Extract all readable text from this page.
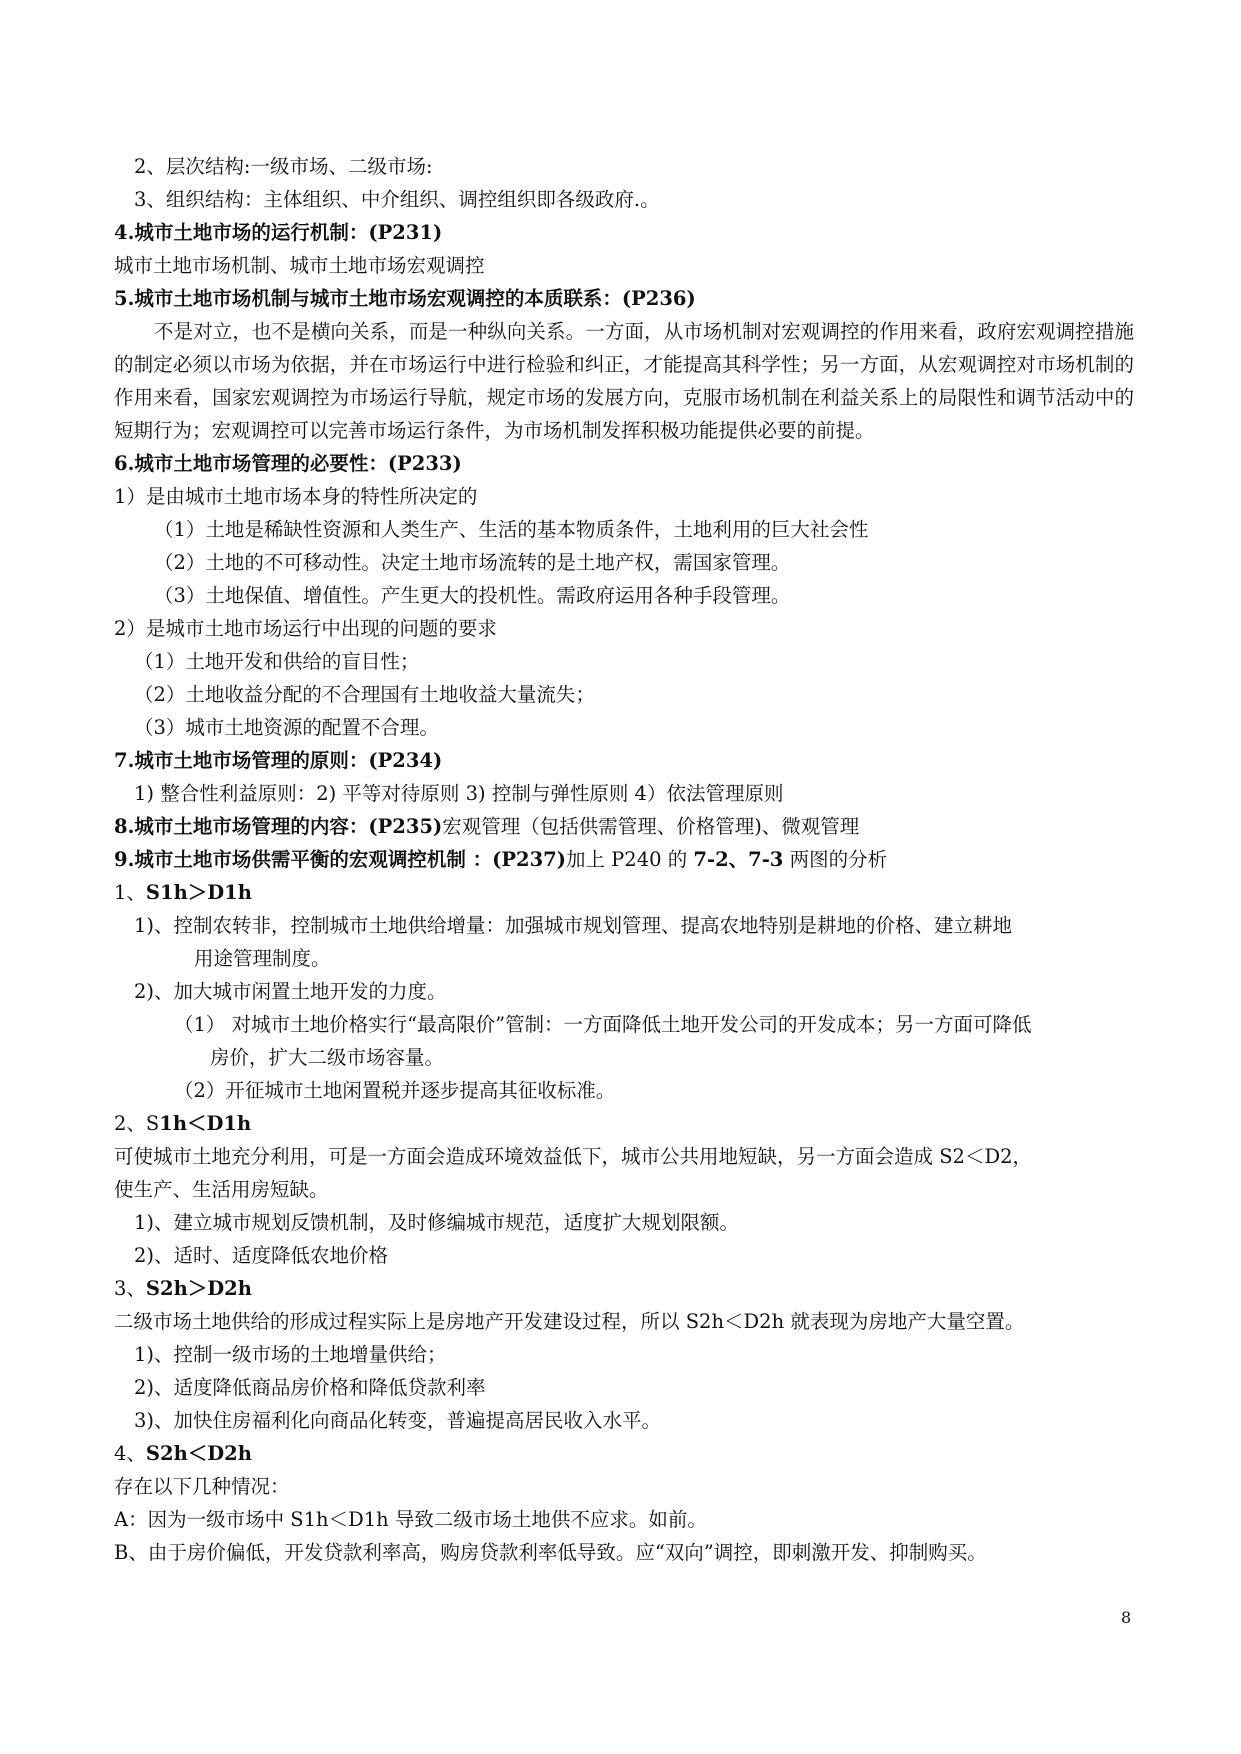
2、层次结构:一级市场、二级市场:
3、组织结构：主体组织、中介组织、调控组织即各级政府.。
4.城市土地市场的运行机制：(P231)
城市土地市场机制、城市土地市场宏观调控
5.城市土地市场机制与城市土地市场宏观调控的本质联系：(P236)
不是对立，也不是横向关系，而是一种纵向关系。一方面，从市场机制对宏观调控的作用来看，政府宏观调控措施的制定必须以市场为依据，并在市场运行中进行检验和纠正，才能提高其科学性；另一方面，从宏观调控对市场机制的作用来看，国家宏观调控为市场运行导航，规定市场的发展方向，克服市场机制在利益关系上的局限性和调节活动中的短期行为；宏观调控可以完善市场运行条件，为市场机制发挥积极功能提供必要的前提。
6.城市土地市场管理的必要性：(P233)
1）是由城市土地市场本身的特性所决定的
（1）土地是稀缺性资源和人类生产、生活的基本物质条件，土地利用的巨大社会性
（2）土地的不可移动性。决定土地市场流转的是土地产权，需国家管理。
（3）土地保值、增值性。产生更大的投机性。需政府运用各种手段管理。
2）是城市土地市场运行中出现的问题的要求
（1）土地开发和供给的盲目性；
（2）土地收益分配的不合理国有土地收益大量流失；
（3）城市土地资源的配置不合理。
7.城市土地市场管理的原则：(P234)
1) 整合性利益原则：2) 平等对待原则 3) 控制与弹性原则 4）依法管理原则
8.城市土地市场管理的内容：(P235)宏观管理（包括供需管理、价格管理)、微观管理
9.城市土地市场供需平衡的宏观调控机制 ：(P237)加上 P240 的 7-2、7-3 两图的分析
1、S1h＞D1h
1)、控制农转非，控制城市土地供给增量：加强城市规划管理、提高农地特别是耕地的价格、建立耕地
用途管理制度。
2)、加大城市闲置土地开发的力度。
（1） 对城市土地价格实行“最高限价”管制：一方面降低土地开发公司的开发成本；另一方面可降低
房价，扩大二级市场容量。
（2）开征城市土地闲置税并逐步提高其征收标准。
2、S1h＜D1h
可使城市土地充分利用，可是一方面会造成环境效益低下，城市公共用地短缺，另一方面会造成 S2＜D2，
使生产、生活用房短缺。
1)、建立城市规划反馈机制，及时修编城市规范，适度扩大规划限额。
2)、适时、适度降低农地价格
3、S2h＞D2h
二级市场土地供给的形成过程实际上是房地产开发建设过程，所以 S2h＜D2h 就表现为房地产大量空置。
1)、控制一级市场的土地增量供给；
2)、适度降低商品房价格和降低贷款利率
3)、加快住房福利化向商品化转变，普遍提高居民收入水平。
4、S2h＜D2h
存在以下几种情况：
A：因为一级市场中 S1h＜D1h 导致二级市场土地供不应求。如前。
B、由于房价偏低，开发贷款利率高，购房贷款利率低导致。应“双向”调控，即刺激开发、抑制购买。
8
